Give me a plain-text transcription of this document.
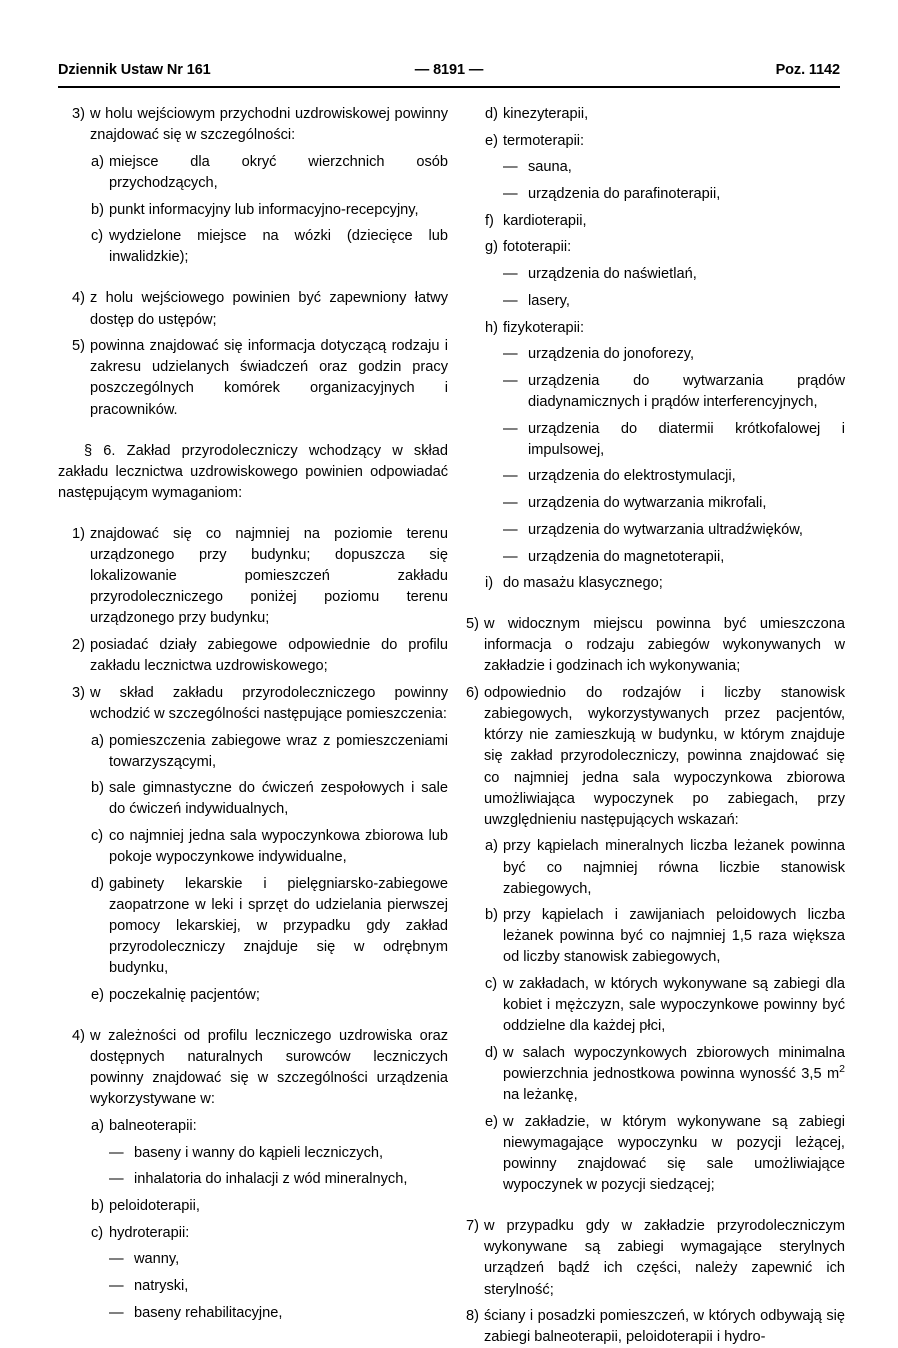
Dziennik Ustaw Nr 161	— 8191 —	Poz. 1142
3) w holu wejściowym przychodni uzdrowiskowej powinny znajdować się w szczególności:
a) miejsce dla okryć wierzchnich osób przychodzących,
b) punkt informacyjny lub informacyjno-recepcyjny,
c) wydzielone miejsce na wózki (dziecięce lub inwalidzkie);
4) z holu wejściowego powinien być zapewniony łatwy dostęp do ustępów;
5) powinna znajdować się informacja dotyczącą rodzaju i zakresu udzielanych świadczeń oraz godzin pracy poszczególnych komórek organizacyjnych i pracowników.
§ 6. Zakład przyrodoleczniczy wchodzący w skład zakładu lecznictwa uzdrowiskowego powinien odpowiadać następującym wymaganiom:
1) znajdować się co najmniej na poziomie terenu urządzonego przy budynku; dopuszcza się lokalizowanie pomieszczeń zakładu przyrodoleczniczego poniżej poziomu terenu urządzonego przy budynku;
2) posiadać działy zabiegowe odpowiednie do profilu zakładu lecznictwa uzdrowiskowego;
3) w skład zakładu przyrodoleczniczego powinny wchodzić w szczególności następujące pomieszczenia:
a) pomieszczenia zabiegowe wraz z pomieszczeniami towarzyszącymi,
b) sale gimnastyczne do ćwiczeń zespołowych i sale do ćwiczeń indywidualnych,
c) co najmniej jedna sala wypoczynkowa zbiorowa lub pokoje wypoczynkowe indywidualne,
d) gabinety lekarskie i pielęgniarsko-zabiegowe zaopatrzone w leki i sprzęt do udzielania pierwszej pomocy lekarskiej, w przypadku gdy zakład przyrodoleczniczy znajduje się w odrębnym budynku,
e) poczekalnię pacjentów;
4) w zależności od profilu leczniczego uzdrowiska oraz dostępnych naturalnych surowców leczniczych powinny znajdować się w szczególności urządzenia wykorzystywane w:
a) balneoterapii:
— baseny i wanny do kąpieli leczniczych,
— inhalatoria do inhalacji z wód mineralnych,
b) peloidoterapii,
c) hydroterapii:
— wanny,
— natryski,
— baseny rehabilitacyjne,
d) kinezyterapii,
e) termoterapii:
— sauna,
— urządzenia do parafinoterapii,
f) kardioterapii,
g) fototerapii:
— urządzenia do naświetlań,
— lasery,
h) fizykoterapii:
— urządzenia do jonoforezy,
— urządzenia do wytwarzania prądów diadynamicznych i prądów interferencyjnych,
— urządzenia do diatermii krótkofalowej i impulsowej,
— urządzenia do elektrostymulacji,
— urządzenia do wytwarzania mikrofali,
— urządzenia do wytwarzania ultradźwięków,
— urządzenia do magnetoterapii,
i) do masażu klasycznego;
5) w widocznym miejscu powinna być umieszczona informacja o rodzaju zabiegów wykonywanych w zakładzie i godzinach ich wykonywania;
6) odpowiednio do rodzajów i liczby stanowisk zabiegowych, wykorzystywanych przez pacjentów, którzy nie zamieszkują w budynku, w którym znajduje się zakład przyrodoleczniczy, powinna znajdować się co najmniej jedna sala wypoczynkowa zbiorowa umożliwiająca wypoczynek po zabiegach, przy uwzględnieniu następujących wskazań:
a) przy kąpielach mineralnych liczba leżanek powinna być co najmniej równa liczbie stanowisk zabiegowych,
b) przy kąpielach i zawijaniach peloidowych liczba leżanek powinna być co najmniej 1,5 raza większa od liczby stanowisk zabiegowych,
c) w zakładach, w których wykonywane są zabiegi dla kobiet i mężczyzn, sale wypoczynkowe powinny być oddzielne dla każdej płci,
d) w salach wypoczynkowych zbiorowych minimalna powierzchnia jednostkowa powinna wynosść 3,5 $m^2$ na leżankę,
e) w zakładzie, w którym wykonywane są zabiegi niewymagające wypoczynku w pozycji leżącej, powinny znajdować się sale umożliwiające wypoczynek w pozycji siedzącej;
7) w przypadku gdy w zakładzie przyrodoleczniczym wykonywane są zabiegi wymagające sterylnych urządzeń bądź ich części, należy zapewnić ich sterylność;
8) ściany i posadzki pomieszczeń, w których odbywają się zabiegi balneoterapii, peloidoterapii i hydro-
